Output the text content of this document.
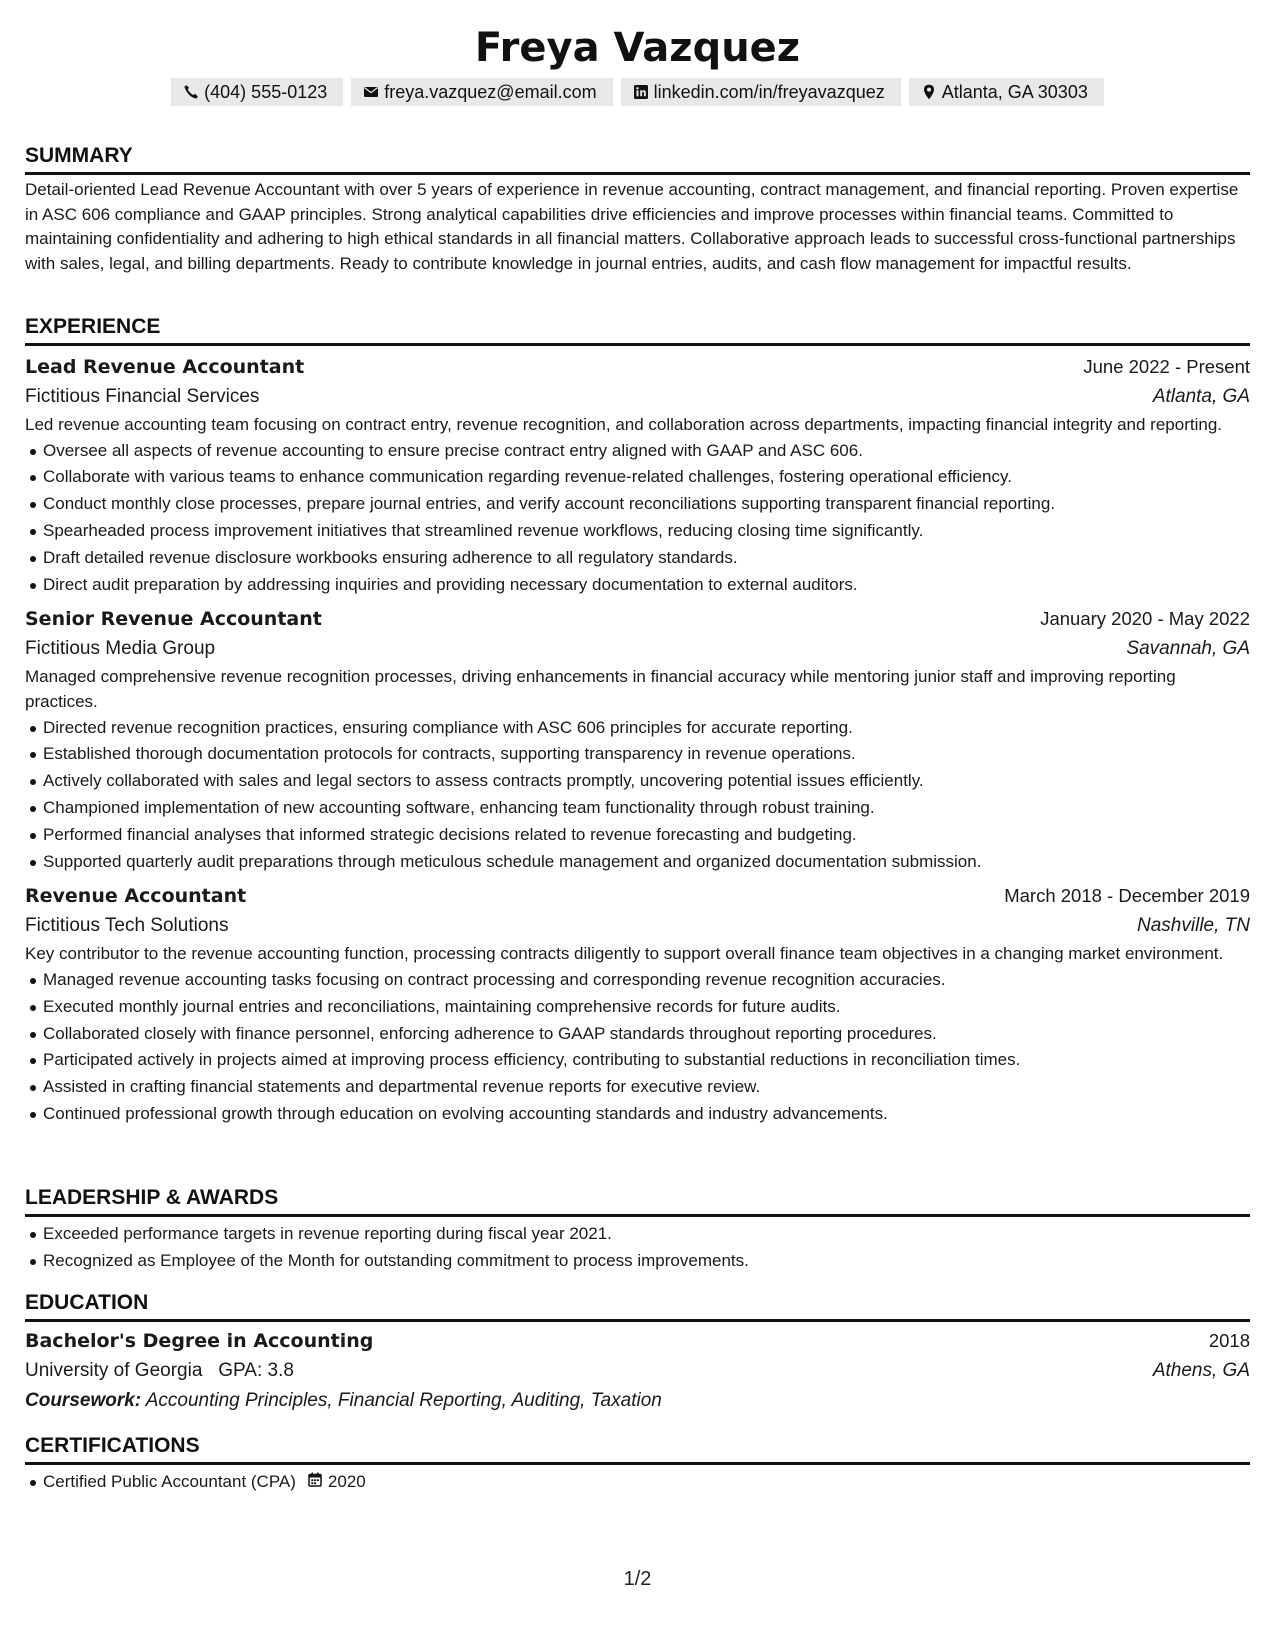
Freya Vazquez
(404) 555-0123	freya.vazquez@email.com	linkedin.com/in/freyavazquez	Atlanta, GA 30303
SUMMARY
Detail-oriented Lead Revenue Accountant with over 5 years of experience in revenue accounting, contract management, and financial reporting. Proven expertise in ASC 606 compliance and GAAP principles. Strong analytical capabilities drive efficiencies and improve processes within financial teams. Committed to maintaining confidentiality and adhering to high ethical standards in all financial matters. Collaborative approach leads to successful cross-functional partnerships with sales, legal, and billing departments. Ready to contribute knowledge in journal entries, audits, and cash flow management for impactful results.
EXPERIENCE
Lead Revenue Accountant	June 2022 - Present
Fictitious Financial Services	Atlanta, GA
Led revenue accounting team focusing on contract entry, revenue recognition, and collaboration across departments, impacting financial integrity and reporting.
Oversee all aspects of revenue accounting to ensure precise contract entry aligned with GAAP and ASC 606.
Collaborate with various teams to enhance communication regarding revenue-related challenges, fostering operational efficiency.
Conduct monthly close processes, prepare journal entries, and verify account reconciliations supporting transparent financial reporting.
Spearheaded process improvement initiatives that streamlined revenue workflows, reducing closing time significantly.
Draft detailed revenue disclosure workbooks ensuring adherence to all regulatory standards.
Direct audit preparation by addressing inquiries and providing necessary documentation to external auditors.
Senior Revenue Accountant	January 2020 - May 2022
Fictitious Media Group	Savannah, GA
Managed comprehensive revenue recognition processes, driving enhancements in financial accuracy while mentoring junior staff and improving reporting practices.
Directed revenue recognition practices, ensuring compliance with ASC 606 principles for accurate reporting.
Established thorough documentation protocols for contracts, supporting transparency in revenue operations.
Actively collaborated with sales and legal sectors to assess contracts promptly, uncovering potential issues efficiently.
Championed implementation of new accounting software, enhancing team functionality through robust training.
Performed financial analyses that informed strategic decisions related to revenue forecasting and budgeting.
Supported quarterly audit preparations through meticulous schedule management and organized documentation submission.
Revenue Accountant	March 2018 - December 2019
Fictitious Tech Solutions	Nashville, TN
Key contributor to the revenue accounting function, processing contracts diligently to support overall finance team objectives in a changing market environment.
Managed revenue accounting tasks focusing on contract processing and corresponding revenue recognition accuracies.
Executed monthly journal entries and reconciliations, maintaining comprehensive records for future audits.
Collaborated closely with finance personnel, enforcing adherence to GAAP standards throughout reporting procedures.
Participated actively in projects aimed at improving process efficiency, contributing to substantial reductions in reconciliation times.
Assisted in crafting financial statements and departmental revenue reports for executive review.
Continued professional growth through education on evolving accounting standards and industry advancements.
LEADERSHIP & AWARDS
Exceeded performance targets in revenue reporting during fiscal year 2021.
Recognized as Employee of the Month for outstanding commitment to process improvements.
EDUCATION
Bachelor's Degree in Accounting	2018
University of Georgia GPA: 3.8	Athens, GA
Coursework: Accounting Principles, Financial Reporting, Auditing, Taxation
CERTIFICATIONS
Certified Public Accountant (CPA) 2020
1/2
